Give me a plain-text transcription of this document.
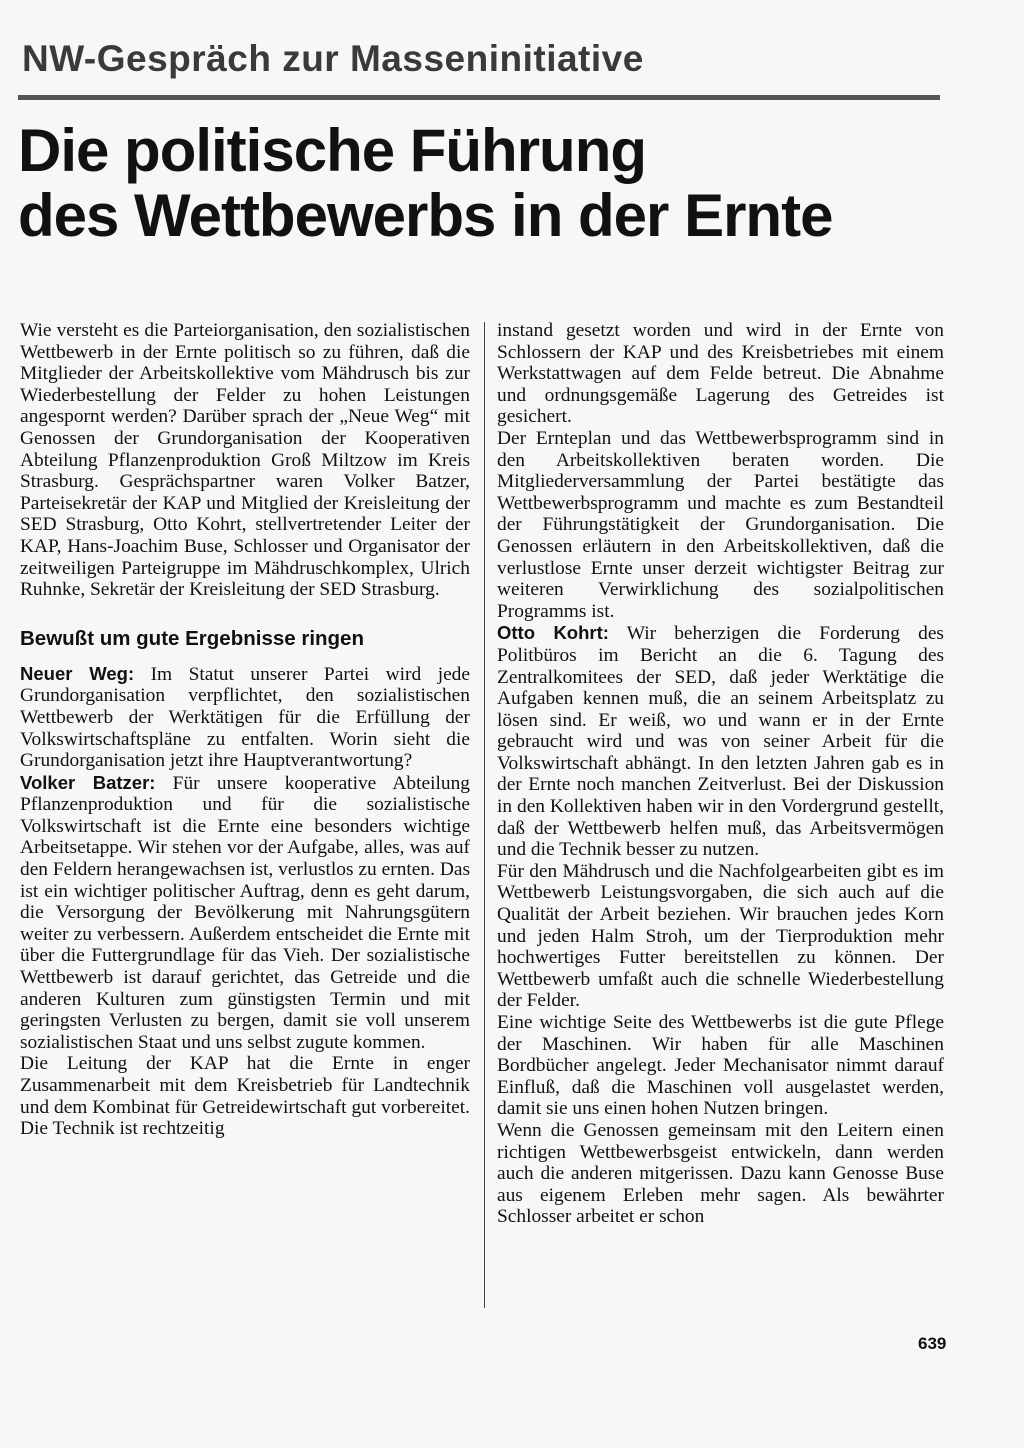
NW-Gespräch zur Masseninitiative
Die politische Führung
des Wettbewerbs in der Ernte

Wie versteht es die Parteiorganisation, den sozialistischen Wettbewerb in der Ernte politisch so zu führen, daß die Mitglieder der Arbeitskollektive vom Mähdrusch bis zur Wiederbestellung der Felder zu hohen Leistungen angespornt werden? Darüber sprach der „Neue Weg“ mit Genossen der Grundorganisation der Kooperativen Abteilung Pflanzenproduktion Groß Miltzow im Kreis Strasburg. Gesprächspartner waren Volker Batzer, Parteisekretär der KAP und Mitglied der Kreisleitung der SED Strasburg, Otto Kohrt, stellvertretender Leiter der KAP, Hans-Joachim Buse, Schlosser und Organisator der zeitweiligen Parteigruppe im Mähdruschkomplex, Ulrich Ruhnke, Sekretär der Kreisleitung der SED Strasburg.

Bewußt um gute Ergebnisse ringen

Neuer Weg: Im Statut unserer Partei wird jede Grundorganisation verpflichtet, den sozialistischen Wettbewerb der Werktätigen für die Erfüllung der Volkswirtschaftspläne zu entfalten. Worin sieht die Grundorganisation jetzt ihre Hauptverantwortung?

Volker Batzer: Für unsere kooperative Abteilung Pflanzenproduktion und für die sozialistische Volkswirtschaft ist die Ernte eine besonders wichtige Arbeitsetappe. Wir stehen vor der Aufgabe, alles, was auf den Feldern herangewachsen ist, verlustlos zu ernten. Das ist ein wichtiger politischer Auftrag, denn es geht darum, die Versorgung der Bevölkerung mit Nahrungsgütern weiter zu verbessern. Außerdem entscheidet die Ernte mit über die Futtergrundlage für das Vieh. Der sozialistische Wettbewerb ist darauf gerichtet, das Getreide und die anderen Kulturen zum günstigsten Termin und mit geringsten Verlusten zu bergen, damit sie voll unserem sozialistischen Staat und uns selbst zugute kommen.

Die Leitung der KAP hat die Ernte in enger Zusammenarbeit mit dem Kreisbetrieb für Landtechnik und dem Kombinat für Getreidewirtschaft gut vorbereitet. Die Technik ist rechtzeitig

instand gesetzt worden und wird in der Ernte von Schlossern der KAP und des Kreisbetriebes mit einem Werkstattwagen auf dem Felde betreut. Die Abnahme und ordnungsgemäße Lagerung des Getreides ist gesichert.

Der Ernteplan und das Wettbewerbsprogramm sind in den Arbeitskollektiven beraten worden. Die Mitgliederversammlung der Partei bestätigte das Wettbewerbsprogramm und machte es zum Bestandteil der Führungstätigkeit der Grundorganisation. Die Genossen erläutern in den Arbeitskollektiven, daß die verlustlose Ernte unser derzeit wichtigster Beitrag zur weiteren Verwirklichung des sozialpolitischen Programms ist.

Otto Kohrt: Wir beherzigen die Forderung des Politbüros im Bericht an die 6. Tagung des Zentralkomitees der SED, daß jeder Werktätige die Aufgaben kennen muß, die an seinem Arbeitsplatz zu lösen sind. Er weiß, wo und wann er in der Ernte gebraucht wird und was von seiner Arbeit für die Volkswirtschaft abhängt. In den letzten Jahren gab es in der Ernte noch manchen Zeitverlust. Bei der Diskussion in den Kollektiven haben wir in den Vordergrund gestellt, daß der Wettbewerb helfen muß, das Arbeitsvermögen und die Technik besser zu nutzen.

Für den Mähdrusch und die Nachfolgearbeiten gibt es im Wettbewerb Leistungsvorgaben, die sich auch auf die Qualität der Arbeit beziehen. Wir brauchen jedes Korn und jeden Halm Stroh, um der Tierproduktion mehr hochwertiges Futter bereitstellen zu können. Der Wettbewerb umfaßt auch die schnelle Wiederbestellung der Felder.

Eine wichtige Seite des Wettbewerbs ist die gute Pflege der Maschinen. Wir haben für alle Maschinen Bordbücher angelegt. Jeder Mechanisator nimmt darauf Einfluß, daß die Maschinen voll ausgelastet werden, damit sie uns einen hohen Nutzen bringen.

Wenn die Genossen gemeinsam mit den Leitern einen richtigen Wettbewerbsgeist entwickeln, dann werden auch die anderen mitgerissen. Dazu kann Genosse Buse aus eigenem Erleben mehr sagen. Als bewährter Schlosser arbeitet er schon

639
